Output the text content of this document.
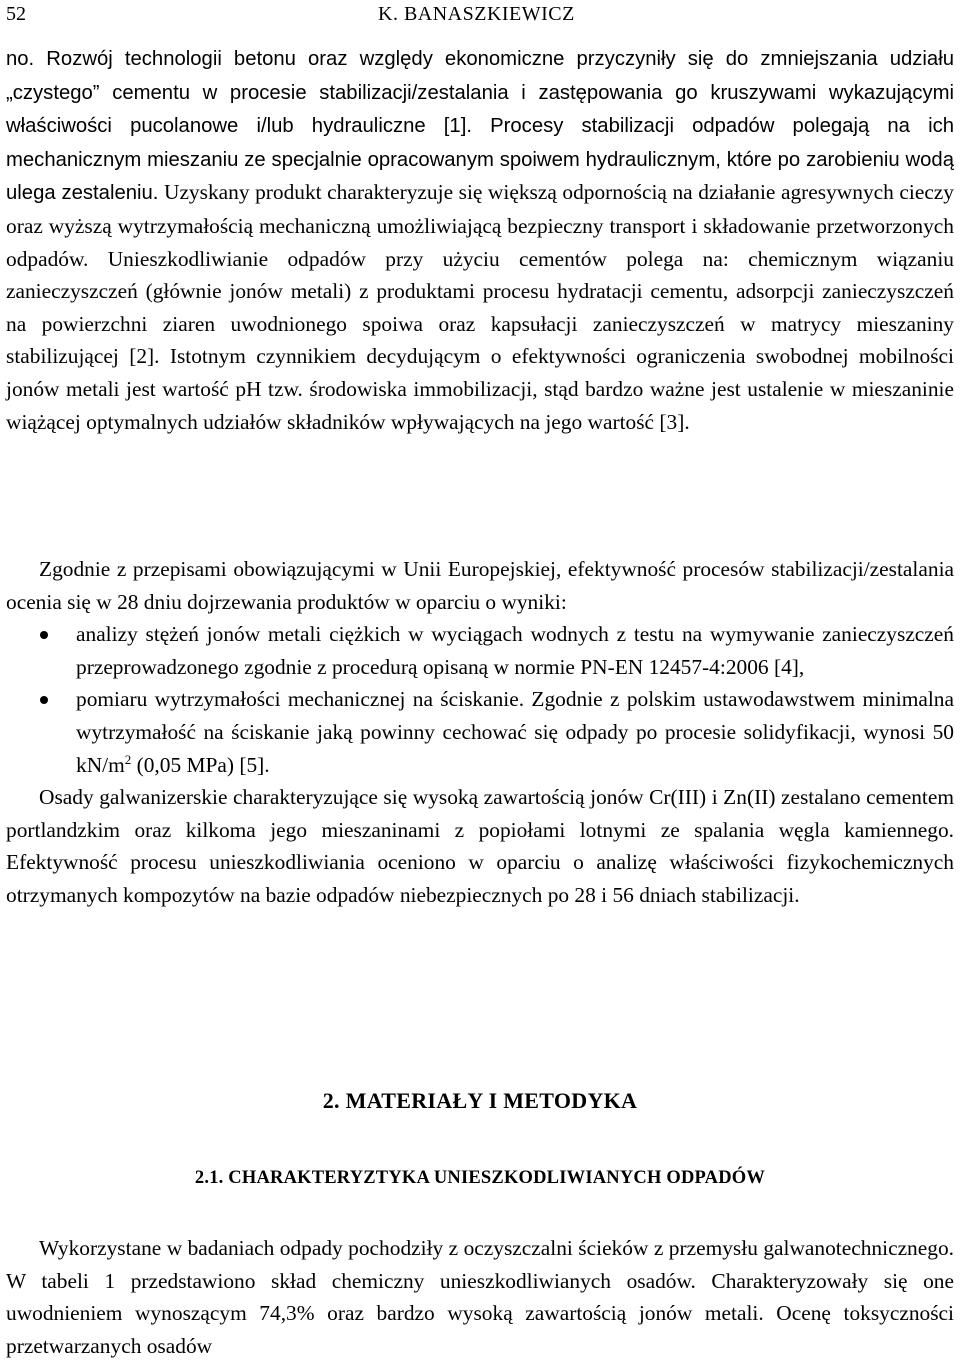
52	K. BANASZKIEWICZ

no. Rozwój technologii betonu oraz względy ekonomiczne przyczyniły się do zmniejszania udziału „czystego” cementu w procesie stabilizacji/zestalania i zastępowania go kruszywami wykazującymi właściwości pucolanowe i/lub hydrauliczne [1]. Procesy stabilizacji odpadów polegają na ich mechanicznym mieszaniu ze specjalnie opracowanym spoiwem hydraulicznym, które po zarobieniu wodą ulega zestaleniu. Uzyskany produkt charakteryzuje się większą odpornością na działanie agresywnych cieczy oraz wyższą wytrzymałością mechaniczną umożliwiającą bezpieczny transport i składowanie przetworzonych odpadów. Unieszkodliwianie odpadów przy użyciu cementów polega na: chemicznym wiązaniu zanieczyszczeń (głównie jonów metali) z produktami procesu hydratacji cementu, adsorpcji zanieczyszczeń na powierzchni ziaren uwodnionego spoiwa oraz kapsułacji zanieczyszczeń w matrycy mieszaniny stabilizującej [2]. Istotnym czynnikiem decydującym o efektywności ograniczenia swobodnej mobilności jonów metali jest wartość pH tzw. środowiska immobilizacji, stąd bardzo ważne jest ustalenie w mieszaninie wiążącej optymalnych udziałów składników wpływających na jego wartość [3].

Zgodnie z przepisami obowiązującymi w Unii Europejskiej, efektywność procesów stabilizacji/zestalania ocenia się w 28 dniu dojrzewania produktów w oparciu o wyniki:

analizy stężeń jonów metali ciężkich w wyciągach wodnych z testu na wymywanie zanieczyszczeń przeprowadzonego zgodnie z procedurą opisaną w normie PN-EN 12457-4:2006 [4],
pomiaru wytrzymałości mechanicznej na ściskanie. Zgodnie z polskim ustawodawstwem minimalna wytrzymałość na ściskanie jaką powinny cechować się odpady po procesie solidyfikacji, wynosi 50 $kN/m^2$ (0,05 MPa) [5].

Osady galwanizerskie charakteryzujące się wysoką zawartością jonów Cr(III) i Zn(II) zestalano cementem portlandzkim oraz kilkoma jego mieszaninami z popiołami lotnymi ze spalania węgla kamiennego. Efektywność procesu unieszkodliwiania oceniono w oparciu o analizę właściwości fizykochemicznych otrzymanych kompozytów na bazie odpadów niebezpiecznych po 28 i 56 dniach stabilizacji.

2. MATERIAŁY I METODYKA
2.1. CHARAKTERYZTYKA UNIESZKODLIWIANYCH ODPADÓW

Wykorzystane w badaniach odpady pochodziły z oczyszczalni ścieków z przemysłu galwanotechnicznego. W tabeli 1 przedstawiono skład chemiczny unieszkodliwianych osadów. Charakteryzowały się one uwodnieniem wynoszącym 74,3% oraz bardzo wysoką zawartością jonów metali. Ocenę toksyczności przetwarzanych osadów
